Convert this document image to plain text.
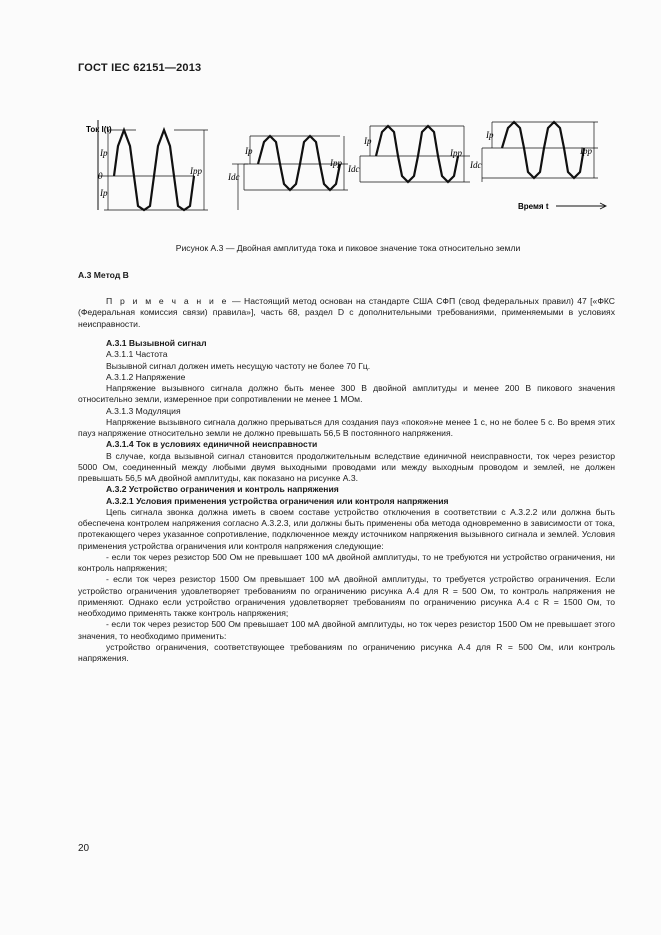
ГОСТ IEC 62151—2013
Ток I(t)
Время t
Ip
Ip
0	Ipp
Ip
Idc
Ipp
Ip
Idc
Ipp
Ip
Idc
Ipp
Рисунок А.3 — Двойная амплитуда тока и пиковое значение тока относительно земли

А.3 Метод В

П р и м е ч а н и е — Настоящий метод основан на стандарте США СФП (свод федеральных правил) 47 [«ФКС (Федеральная комиссия связи) правила»], часть 68, раздел D с дополнительными требованиями, применяемыми в условиях неисправности.

А.3.1 Вызывной сигнал

А.3.1.1 Частота

Вызывной сигнал должен иметь несущую частоту не более 70 Гц.

А.3.1.2 Напряжение

Напряжение вызывного сигнала должно быть менее 300 В двойной амплитуды и менее 200 В пикового значения относительно земли, измеренное при сопротивлении не менее 1 МОм.

А.3.1.3 Модуляция

Напряжение вызывного сигнала должно прерываться для создания пауз «покоя»не менее 1 с, но не более 5 с. Во время этих пауз напряжение относительно земли не должно превышать 56,5 В постоянного напряжения.

А.3.1.4 Ток в условиях единичной неисправности

В случае, когда вызывной сигнал становится продолжительным вследствие единичной неисправности, ток через резистор 5000 Ом, соединенный между любыми двумя выходными проводами или между выходным проводом и землей, не должен превышать 56,5 мА двойной амплитуды, как показано на рисунке А.3.

А.3.2 Устройство ограничения и контроль напряжения

А.3.2.1 Условия применения устройства ограничения или контроля напряжения

Цепь сигнала звонка должна иметь в своем составе устройство отключения в соответствии с А.3.2.2 или должна быть обеспечена контролем напряжения согласно А.3.2.3, или должны быть применены оба метода одновременно в зависимости от тока, протекающего через указанное сопротивление, подключенное между источником напряжения вызывного сигнала и землей. Условия применения устройства ограничения или контроля напряжения следующие:

- если ток через резистор 500 Ом не превышает 100 мА двойной амплитуды, то не требуются ни устройство ограничения, ни контроль напряжения;

- если ток через резистор 1500 Ом превышает 100 мА двойной амплитуды, то требуется устройство ограничения. Если устройство ограничения удовлетворяет требованиям по ограничению рисунка А.4 для R = 500 Ом, то контроль напряжения не применяют. Однако если устройство ограничения удовлетворяет требованиям по ограничению рисунка А.4 с R = 1500 Ом, то необходимо применять также контроль напряжения;

- если ток через резистор 500 Ом превышает 100 мА двойной амплитуды, но ток через резистор 1500 Ом не превышает этого значения, то необходимо применить:

устройство ограничения, соответствующее требованиям по ограничению рисунка А.4 для R = 500 Ом, или контроль напряжения.

20
